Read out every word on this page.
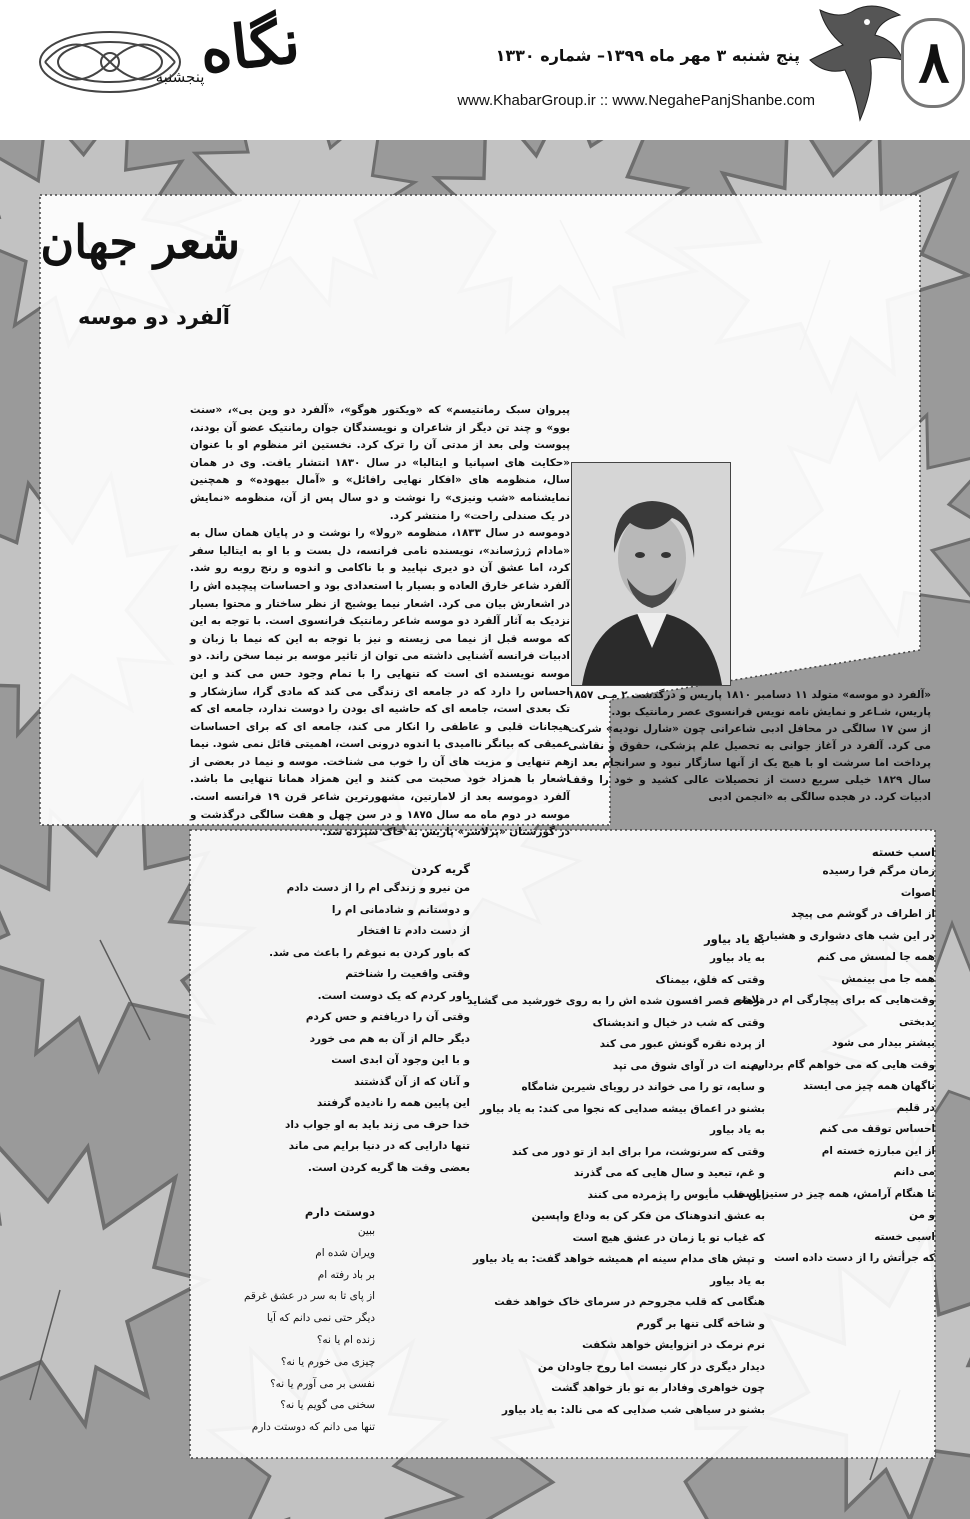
نگاه
پنجشنبه
پنج شنبه ۳ مهر ماه ۱۳۹۹– شماره ۱۳۳۰
www.KhabarGroup.ir :: www.NegahePanjShanbe.com
۸
شعر جهان
آلفرد دو موسه

پیروان سبک رمانتیسم» که «ویکتور هوگو»، «آلفرد دو وین یی»، «سنت بوو» و چند تن دیگر از شاعران و نویسندگان جوان رمانتیک عضو آن بودند، پیوست ولی بعد از مدتی آن را ترک کرد. نخستین اثر منظوم او با عنوان «حکایت های اسپانیا و ایتالیا» در سال ۱۸۳۰ انتشار یافت. وی در همان سال، منظومه های «افکار نهایی رافائل» و «آمال بیهوده» و همچنین نمایشنامه «شب ونیزی» را نوشت و دو سال پس از آن، منظومه «نمایش در یک صندلی راحت» را منتشر کرد.

دوموسه در سال ۱۸۳۳، منظومه «رولا» را نوشت و در پایان همان سال به «مادام ژرژساند»، نویسنده نامی فرانسه، دل بست و با او به ایتالیا سفر کرد، اما عشق آن دو دیری نپایید و با ناکامی و اندوه و رنج روبه رو شد. آلفرد شاعر خارق العاده و بسیار با استعدادی بود و احساسات پیچیده اش را در اشعارش بیان می کرد. اشعار نیما یوشیج از نظر ساختار و محتوا بسیار نزدیک به آثار آلفرد دو موسه شاعر رمانتیک فرانسوی است. با توجه به این که موسه قبل از نیما می زیسته و نیز با توجه به این که نیما با زبان و ادبیات فرانسه آشنایی داشته می توان از تاثیر موسه بر نیما سخن راند. دو موسه نویسنده ای است که تنهایی را با تمام وجود حس می کند و این احساس را دارد که در جامعه ای زندگی می کند که مادی گرا، سازشکار و تک بعدی است، جامعه ای که حاشیه ای بودن را دوست ندارد، جامعه ای که هیجانات قلبی و عاطفی را انکار می کند، جامعه ای که برای احساسات عمیقی که بیانگر ناامیدی یا اندوه درونی است، اهمیتی قائل نمی شود. نیما هم تنهایی و مزیت های آن را خوب می شناخت. موسه و نیما در بعضی از اشعار با همزاد خود صحبت می کنند و این همزاد همانا تنهایی ما باشد. آلفرد دوموسه بعد از لامارتین، مشهورترین شاعر قرن ۱۹ فرانسه است. موسه در دوم ماه مه سال ۱۸۷۵ و در سن چهل و هفت سالگی درگذشت و در گورستان «پرلاشز» پاریس به خاک سپرده شد.

«آلفرد دو موسه» متولد ۱۱ دسامبر ۱۸۱۰ پاریس و درگذشت ۲ مـی ۱۸۵۷ پاریس، شـاعر و نمایش نامه نویس فرانسوی عصر رمانتیک بود.

از سن ۱۷ سالگی در محافل ادبی شاعرانی چون «شارل نودیه» شرکت می کرد. آلفرد در آغاز جوانی به تحصیل علم پزشکی، حقوق و نقاشی پرداخت اما سرشت او با هیچ یک از آنها سازگار نبود و سرانجام بعد از سال ۱۸۲۹ خیلی سریع دست از تحصیلات عالی کشید و خود را وقف ادبیات کرد. در هجده سالگی به «انجمن ادبی

اسب خسته
زمان مرگم فرا رسیده
اصوات
از اطراف در گوشم می پیچد
در این شب های دشواری و هشیاری
همه جا لمسش می کنم
همه جا می بینمش
وقت‌هایی که برای پیچارگی ام در تلاشم
بدبختی
بیشتر بیدار می شود
وقت هایی که می خواهم گام بردارم
ناگهان همه چیز می ایستد
در قلبم
احساس توقف می کنم
از این مبارزه خسته ام
می دانم
تا هنگام آرامش، همه چیز در ستیز است
و من
اسبی خسته
که جرأتش را از دست داده است
به یاد بیاور
به یاد بیاور
وقتی که فلق، بیمناک
درهای قصر افسون شده اش را به روی خورشید می گشاید
وقتی که شب در خیال و اندیشناک
از پرده نقره گونش عبور می کند
سینه ات در آوای شوق می تپد
و سایه، تو را می خواند در رویای شیرین شامگاه
بشنو در اعماق بیشه صدایی که نجوا می کند: به یاد بیاور
به یاد بیاور
وقتی که سرنوشت، مرا برای ابد از تو دور می کند
و غم، تبعید و سال هایی که می گذرند
این قلب مأیوس را پژمرده می کنند
به عشق اندوهناک من فکر کن به وداع واپسین
که غیاب تو یا زمان در عشق هیچ است
و تپش های مدام سینه ام همیشه خواهد گفت: به یاد بیاور
به یاد بیاور
هنگامی که قلب مجروحم در سرمای خاک خواهد خفت
و شاخه گلی تنها بر گورم
نرم نرمک در انزوایش خواهد شکفت
دیدار دیگری در کار نیست اما روح جاودان من
چون خواهری وفادار به تو باز خواهد گشت
بشنو در سیاهی شب صدایی که می نالد: به یاد بیاور
گریه کردن
من نیرو و زندگی ام را از دست دادم
و دوستانم و شادمانی ام را
از دست دادم تا افتخار
که باور کردن به نبوغم را باعث می شد.
وقتی واقعیت را شناختم
باور کردم که یک دوست است.
وقتی آن را دریافتم و حس کردم
دیگر حالم از آن به هم می خورد
و با این وجود آن ابدی است
و آنان که از آن گذشتند
این پایین همه را نادیده گرفتند
خدا حرف می زند باید به او جواب داد
تنها دارایی که در دنیا برایم می ماند
بعضی وقت ها گریه کردن است.
دوستت دارم
ببین
ویران شده ام
بر باد رفته ام
از پای تا به سر در عشق غرقم
دیگر حتی نمی دانم که آیا
زنده ام یا نه؟
چیزی می خورم یا نه؟
نفسی بر می آورم یا نه؟
سخنی می گویم یا نه؟
تنها می دانم که دوستت دارم
